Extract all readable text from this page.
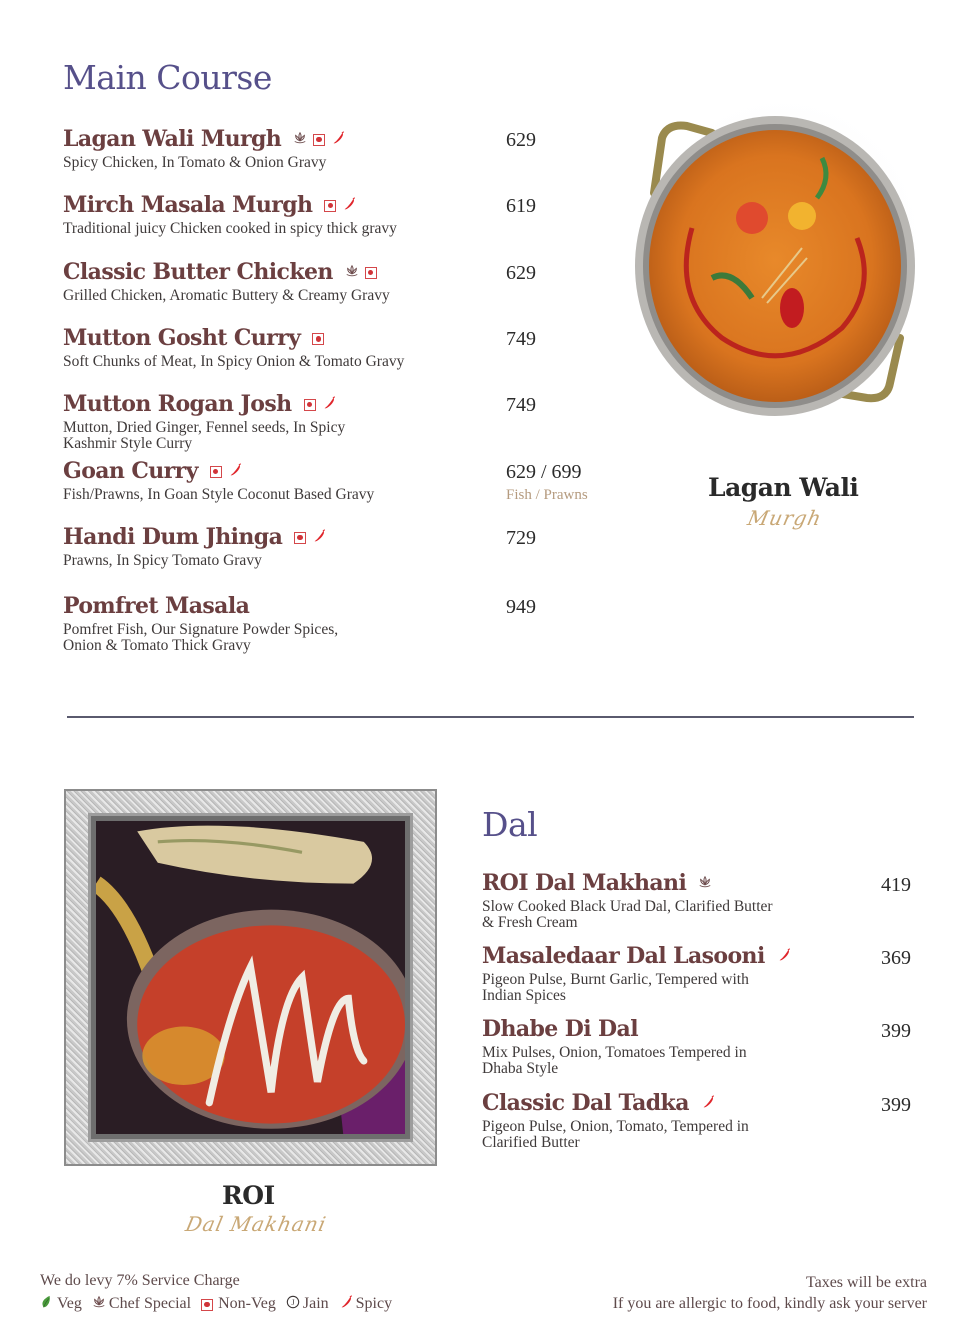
Main Course
Lagan Wali Murgh
Spicy Chicken, In Tomato & Onion Gravy
629
Mirch Masala Murgh
Traditional juicy Chicken cooked in spicy thick gravy
619
Classic Butter Chicken
Grilled Chicken, Aromatic Buttery & Creamy Gravy
629
Mutton Gosht Curry
Soft Chunks of Meat, In Spicy Onion & Tomato Gravy
749
Mutton Rogan Josh
Mutton, Dried Ginger, Fennel seeds, In Spicy
Kashmir Style Curry
749
Goan Curry
Fish/Prawns, In Goan Style Coconut Based Gravy
629 / 699
Fish / Prawns
Handi Dum Jhinga
Prawns, In Spicy Tomato Gravy
729
Pomfret Masala
Pomfret Fish, Our Signature Powder Spices,
Onion & Tomato Thick Gravy
949
Lagan Wali
Murgh
ROI
Dal Makhani
Dal
ROI Dal Makhani
Slow Cooked Black Urad Dal, Clarified Butter
& Fresh Cream
419
Masaledaar Dal Lasooni
Pigeon Pulse, Burnt Garlic, Tempered with
Indian Spices
369
Dhabe Di Dal
Mix Pulses, Onion, Tomatoes Tempered in
Dhaba Style
399
Classic Dal Tadka
Pigeon Pulse, Onion, Tomato, Tempered in
Clarified Butter
399
We do levy 7% Service Charge
Veg Chef Special Non-Veg J Jain Spicy
Taxes will be extra
If you are allergic to food, kindly ask your server
